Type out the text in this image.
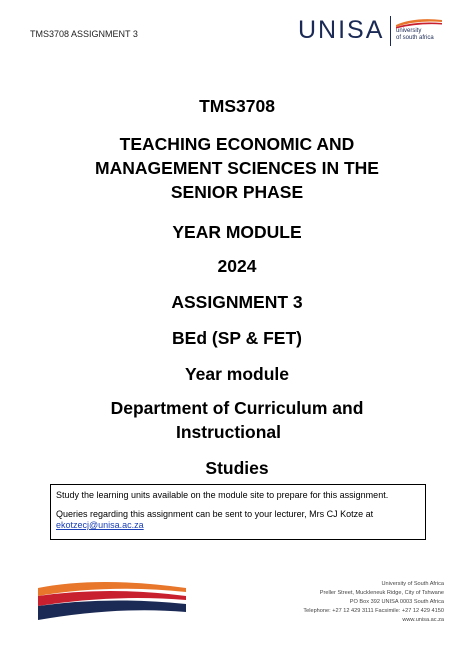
TMS3708 ASSIGNMENT 3	UNISA university
of south africa
TMS3708
TEACHING ECONOMIC AND
MANAGEMENT SCIENCES IN THE
SENIOR PHASE
YEAR MODULE
2024
ASSIGNMENT 3
BEd (SP & FET)
Year module
Department of Curriculum and
Instructional
Studies

Study the learning units available on the module site to prepare for this assignment.

Queries regarding this assignment can be sent to your lecturer, Mrs CJ Kotze at

ekotzecj@unisa.ac.za

University of South Africa
Preller Street, Muckleneuk Ridge, City of Tshwane
PO Box 392 UNISA 0003 South Africa
Telephone: +27 12 429 3111 Facsimile: +27 12 429 4150
www.unisa.ac.za
